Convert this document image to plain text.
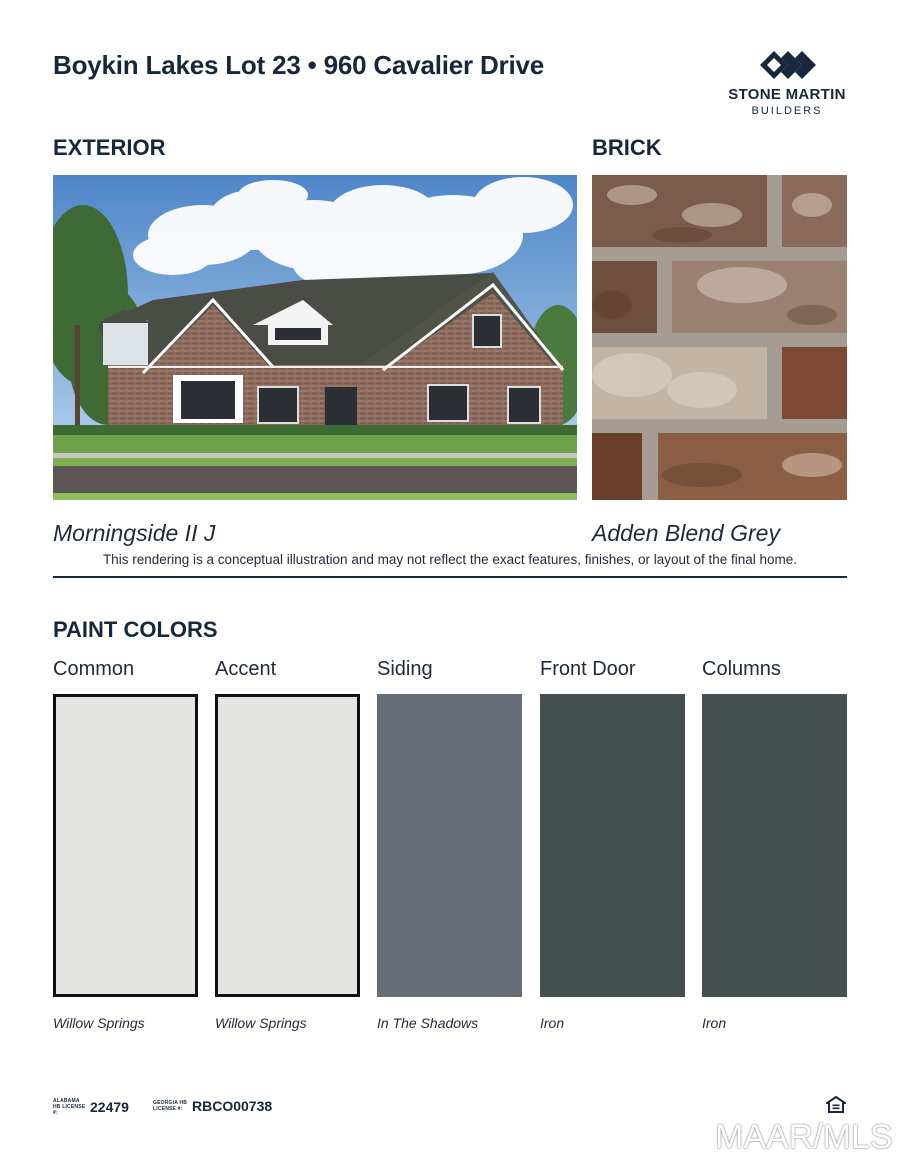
Boykin Lakes Lot 23 • 960 Cavalier Drive
STONE MARTIN
BUILDERS
EXTERIOR	BRICK
Morningside II J	Adden Blend Grey
This rendering is a conceptual illustration and may not reflect the exact features, finishes, or layout of the final home.
PAINT COLORS
Common
Willow Springs
Accent
Willow Springs
Siding
In The Shadows
Front Door
Iron
Columns
Iron
ALABAMA HB LICENSE #:	22479	GEORGIA HB LICENSE #: RBCO00738
MAAR/MLS
